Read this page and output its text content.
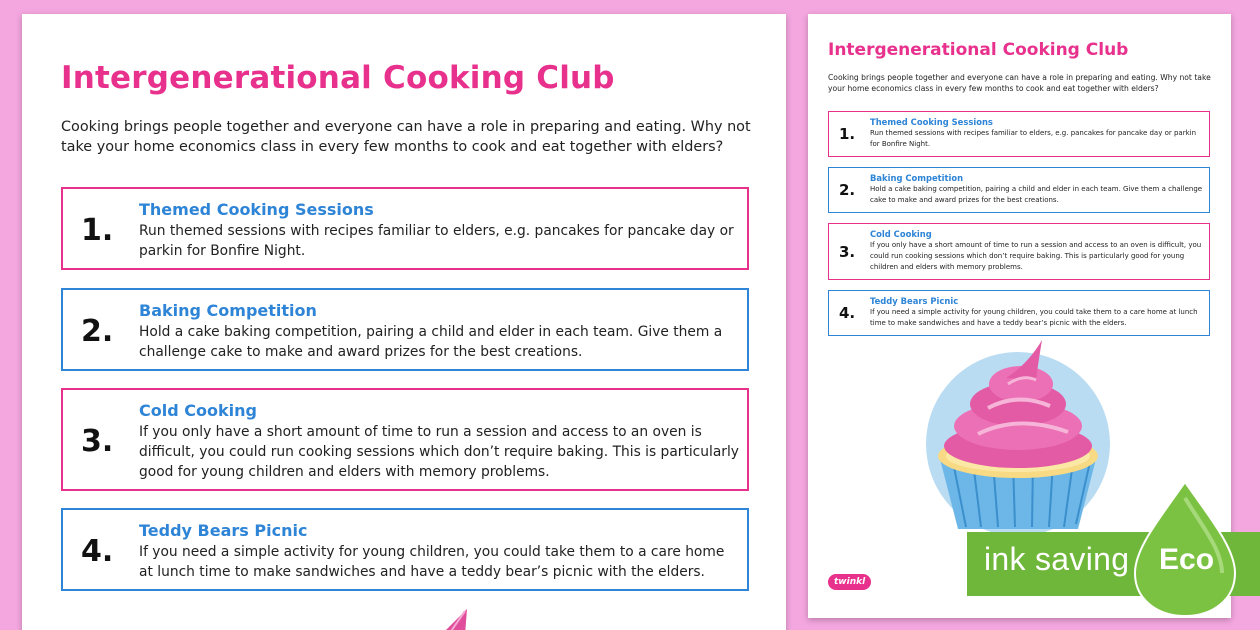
Intergenerational Cooking Club
Cooking brings people together and everyone can have a role in preparing and eating. Why not take your home economics class in every few months to cook and eat together with elders?
1.
Themed Cooking Sessions
Run themed sessions with recipes familiar to elders, e.g. pancakes for pancake day or parkin for Bonfire Night.
2.
Baking Competition
Hold a cake baking competition, pairing a child and elder in each team. Give them a challenge cake to make and award prizes for the best creations.
3.
Cold Cooking
If you only have a short amount of time to run a session and access to an oven is difficult, you could run cooking sessions which don’t require baking. This is particularly good for young children and elders with memory problems.
4.
Teddy Bears Picnic
If you need a simple activity for young children, you could take them to a care home at lunch time to make sandwiches and have a teddy bear’s picnic with the elders.
Intergenerational Cooking Club
Cooking brings people together and everyone can have a role in preparing and eating. Why not take your home economics class in every few months to cook and eat together with elders?
1.
Themed Cooking Sessions
Run themed sessions with recipes familiar to elders, e.g. pancakes for pancake day or parkin for Bonfire Night.
2.
Baking Competition
Hold a cake baking competition, pairing a child and elder in each team. Give them a challenge cake to make and award prizes for the best creations.
3.
Cold Cooking
If you only have a short amount of time to run a session and access to an oven is difficult, you could run cooking sessions which don’t require baking. This is particularly good for young children and elders with memory problems.
4.
Teddy Bears Picnic
If you need a simple activity for young children, you could take them to a care home at lunch time to make sandwiches and have a teddy bear’s picnic with the elders.
twinkl
ink saving Eco
